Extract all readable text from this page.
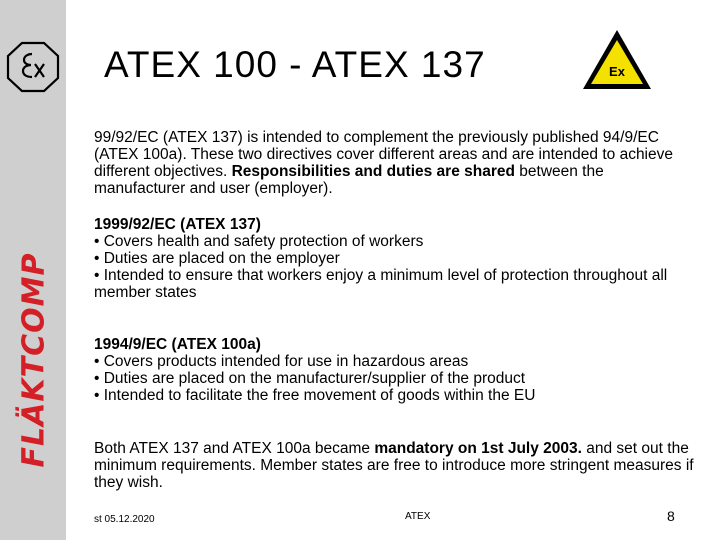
FLÄKTCOMP
ATEX 100 - ATEX 137	Ex

99/92/EC (ATEX 137) is intended to complement the previously published 94/9/EC (ATEX 100a). These two directives cover different areas and are intended to achieve different objectives. Responsibilities and duties are shared between the manufacturer and user (employer).

1999/92/EC (ATEX 137)

• Covers health and safety protection of workers

• Duties are placed on the employer

• Intended to ensure that workers enjoy a minimum level of protection throughout all member states

1994/9/EC (ATEX 100a)

• Covers products intended for use in hazardous areas

• Duties are placed on the manufacturer/supplier of the product

• Intended to facilitate the free movement of goods within the EU

Both ATEX 137 and ATEX 100a became mandatory on 1st July 2003. and set out the minimum requirements. Member states are free to introduce more stringent measures if they wish.

st 05.12.2020	ATEX	8
